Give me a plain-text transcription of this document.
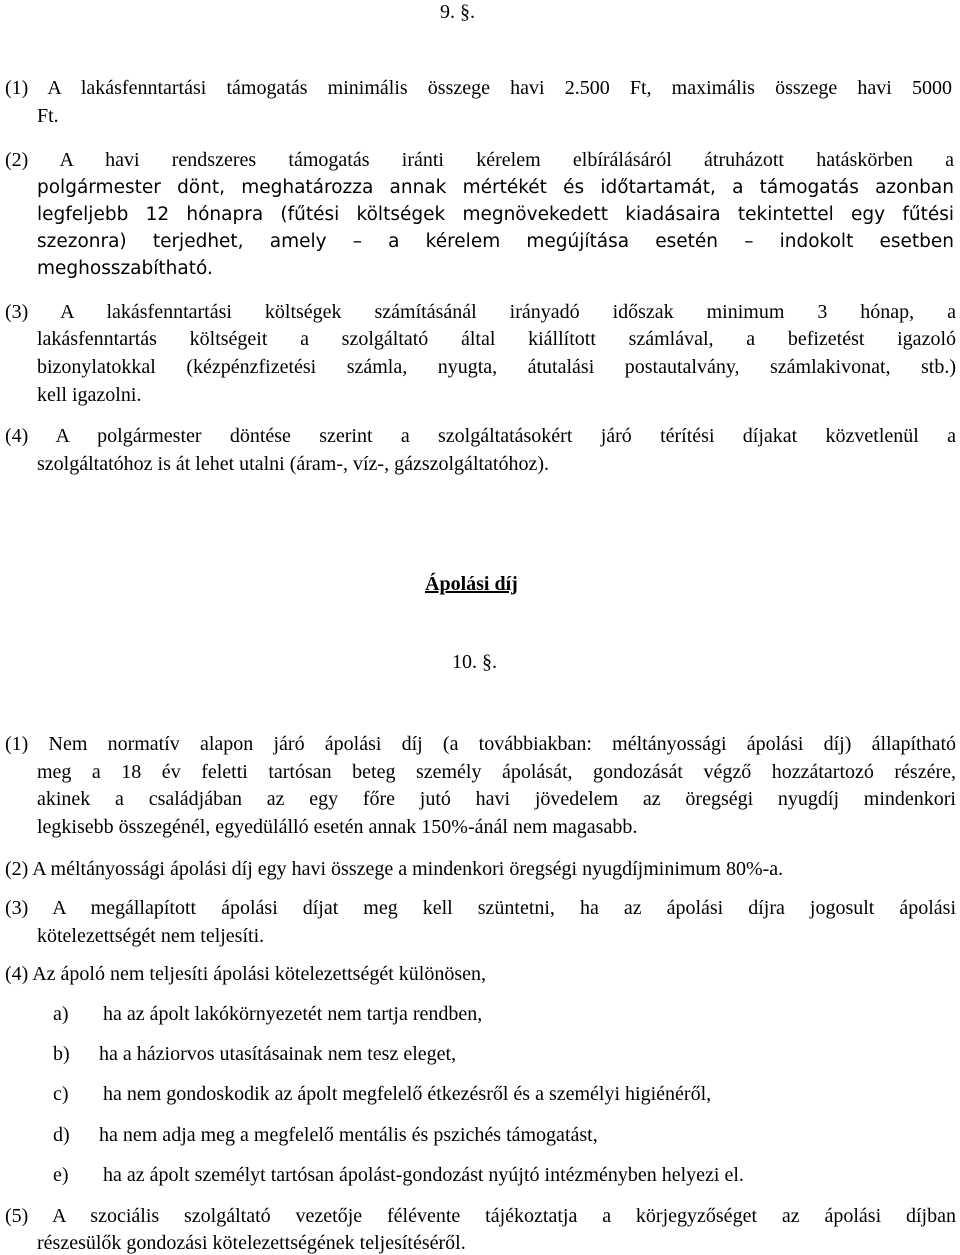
9. §.
(1) A lakásfenntartási támogatás minimális összege havi 2.500 Ft, maximális összege havi 5000
Ft.
(2) A havi rendszeres támogatás iránti kérelem elbírálásáról átruházott hatáskörben a
polgármester dönt, meghatározza annak mértékét és időtartamát, a támogatás azonban
legfeljebb 12 hónapra (fűtési költségek megnövekedett kiadásaira tekintettel egy fűtési
szezonra) terjedhet, amely – a kérelem megújítása esetén – indokolt esetben
meghosszabítható.
(3) A lakásfenntartási költségek számításánál irányadó időszak minimum 3 hónap, a
lakásfenntartás költségeit a szolgáltató által kiállított számlával, a befizetést igazoló
bizonylatokkal (kézpénzfizetési számla, nyugta, átutalási postautalvány, számlakivonat, stb.)
kell igazolni.
(4) A polgármester döntése szerint a szolgáltatásokért járó térítési díjakat közvetlenül a
szolgáltatóhoz is át lehet utalni (áram-, víz-, gázszolgáltatóhoz).
Ápolási díj
10. §.
(1) Nem normatív alapon járó ápolási díj (a továbbiakban: méltányossági ápolási díj) állapítható
meg a 18 év feletti tartósan beteg személy ápolását, gondozását végző hozzátartozó részére,
akinek a családjában az egy főre jutó havi jövedelem az öregségi nyugdíj mindenkori
legkisebb összegénél, egyedülálló esetén annak 150%-ánál nem magasabb.
(2) A méltányossági ápolási díj egy havi összege a mindenkori öregségi nyugdíjminimum 80%-a.
(3) A megállapított ápolási díjat meg kell szüntetni, ha az ápolási díjra jogosult ápolási
kötelezettségét nem teljesíti.
(4) Az ápoló nem teljesíti ápolási kötelezettségét különösen,
a) ha az ápolt lakókörnyezetét nem tartja rendben,
b) ha a háziorvos utasításainak nem tesz eleget,
c) ha nem gondoskodik az ápolt megfelelő étkezésről és a személyi higiénéről,
d) ha nem adja meg a megfelelő mentális és pszichés támogatást,
e) ha az ápolt személyt tartósan ápolást-gondozást nyújtó intézményben helyezi el.
(5) A szociális szolgáltató vezetője félévente tájékoztatja a körjegyzőséget az ápolási díjban
részesülők gondozási kötelezettségének teljesítéséről.
